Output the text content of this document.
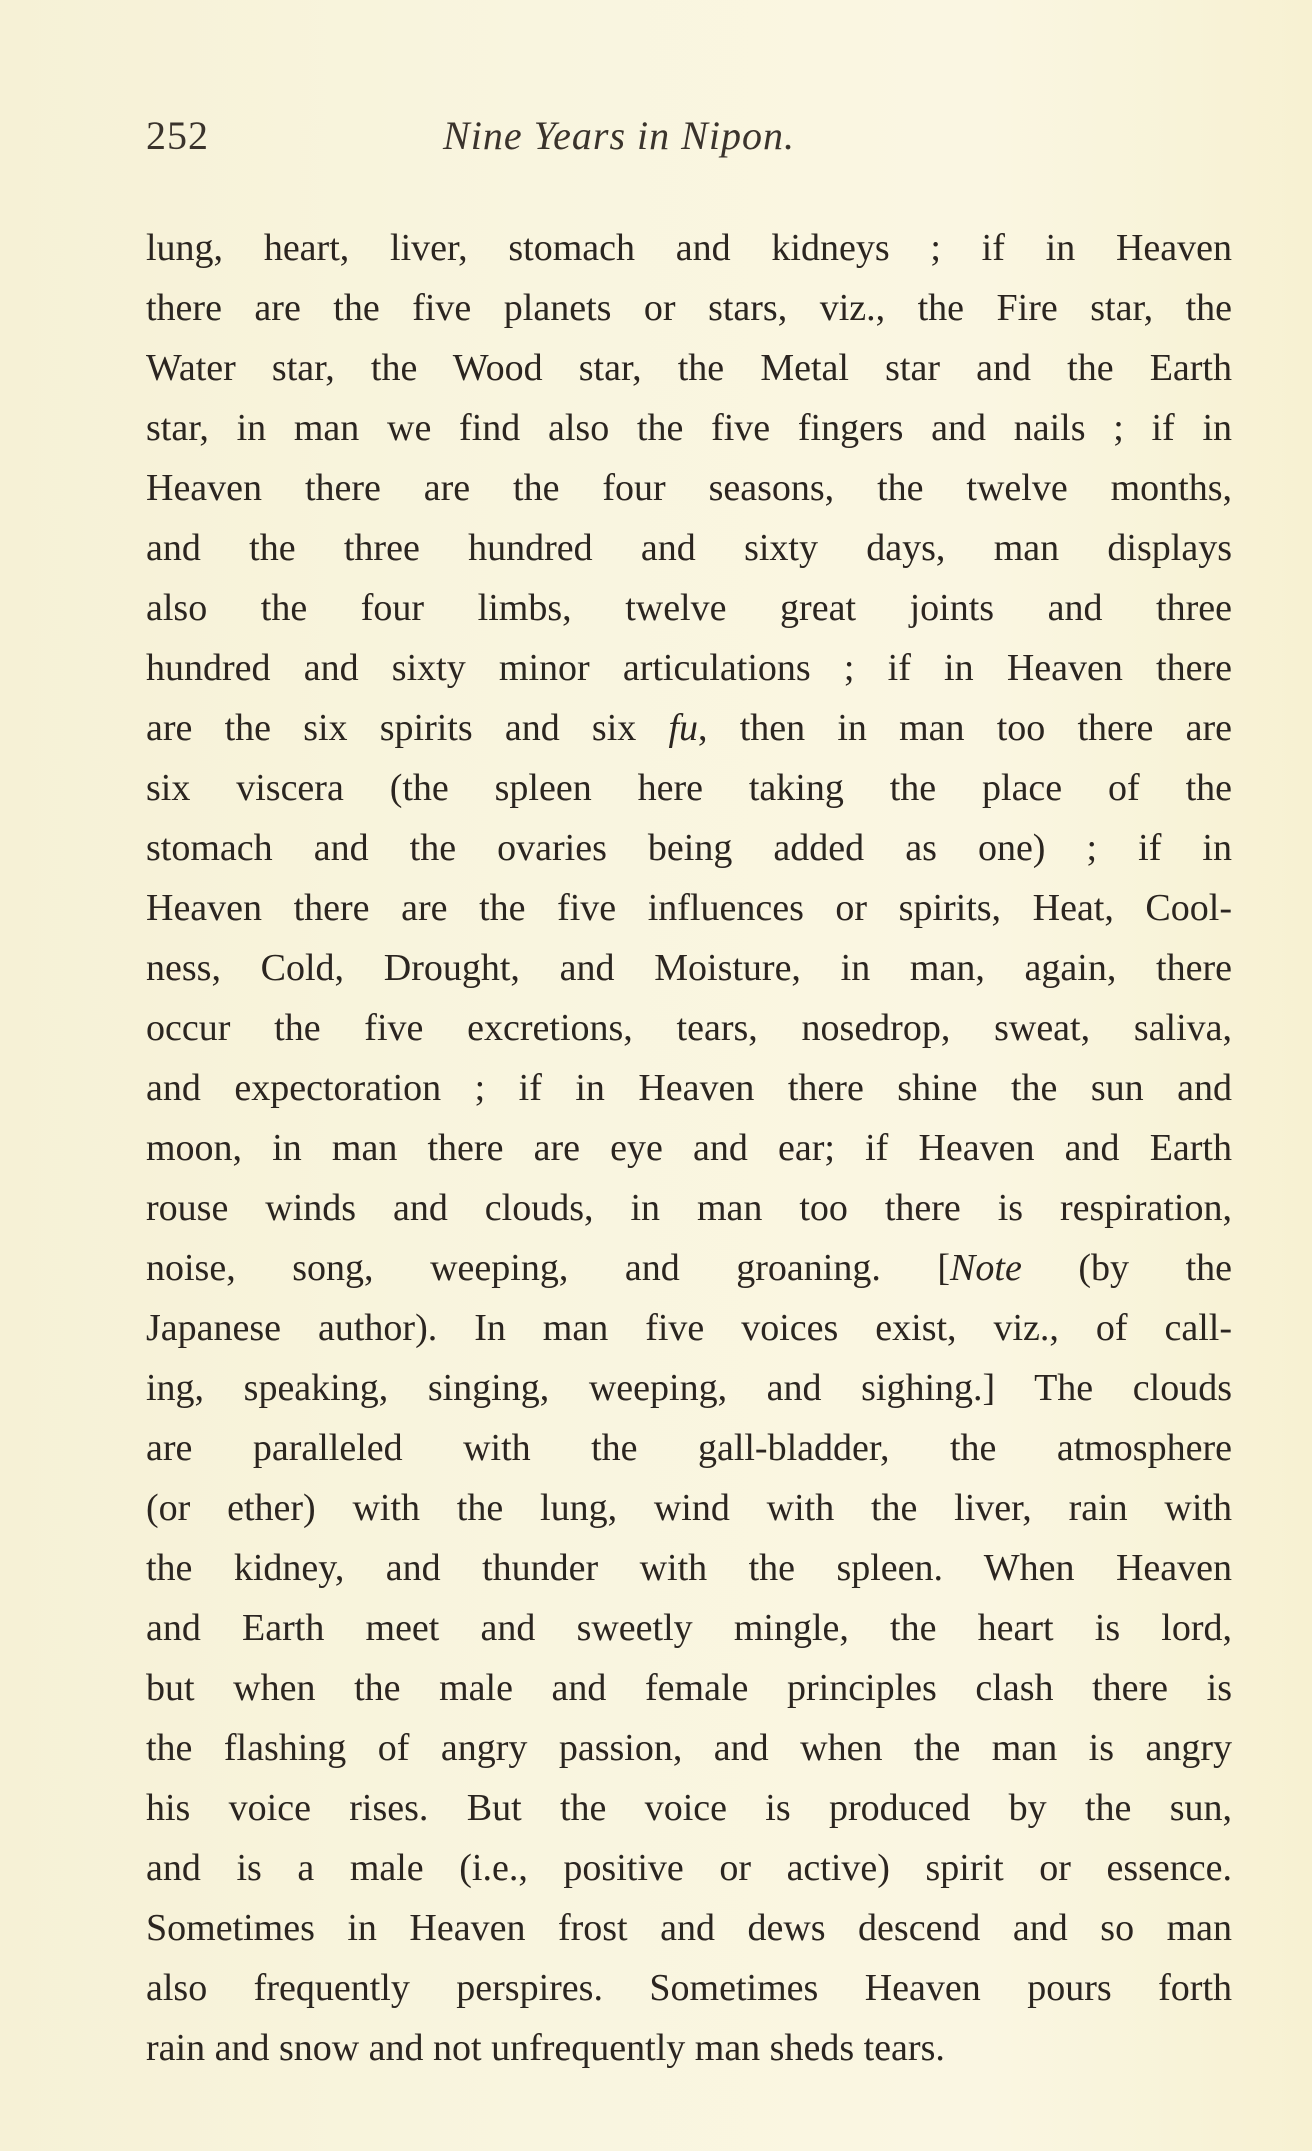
252	Nine Years in Nipon.
lung, heart, liver, stomach and kidneys ; if in Heaven
there are the five planets or stars, viz., the Fire star, the
Water star, the Wood star, the Metal star and the Earth
star, in man we find also the five fingers and nails ; if in
Heaven there are the four seasons, the twelve months,
and the three hundred and sixty days, man displays
also the four limbs, twelve great joints and three
hundred and sixty minor articulations ; if in Heaven there
are the six spirits and six fu, then in man too there are
six viscera (the spleen here taking the place of the
stomach and the ovaries being added as one) ; if in
Heaven there are the five influences or spirits, Heat, Cool-
ness, Cold, Drought, and Moisture, in man, again, there
occur the five excretions, tears, nosedrop, sweat, saliva,
and expectoration ; if in Heaven there shine the sun and
moon, in man there are eye and ear; if Heaven and Earth
rouse winds and clouds, in man too there is respiration,
noise, song, weeping, and groaning. [Note (by the
Japanese author). In man five voices exist, viz., of call-
ing, speaking, singing, weeping, and sighing.] The clouds
are paralleled with the gall-bladder, the atmosphere
(or ether) with the lung, wind with the liver, rain with
the kidney, and thunder with the spleen. When Heaven
and Earth meet and sweetly mingle, the heart is lord,
but when the male and female principles clash there is
the flashing of angry passion, and when the man is angry
his voice rises. But the voice is produced by the sun,
and is a male (i.e., positive or active) spirit or essence.
Sometimes in Heaven frost and dews descend and so man
also frequently perspires. Sometimes Heaven pours forth
rain and snow and not unfrequently man sheds tears.
